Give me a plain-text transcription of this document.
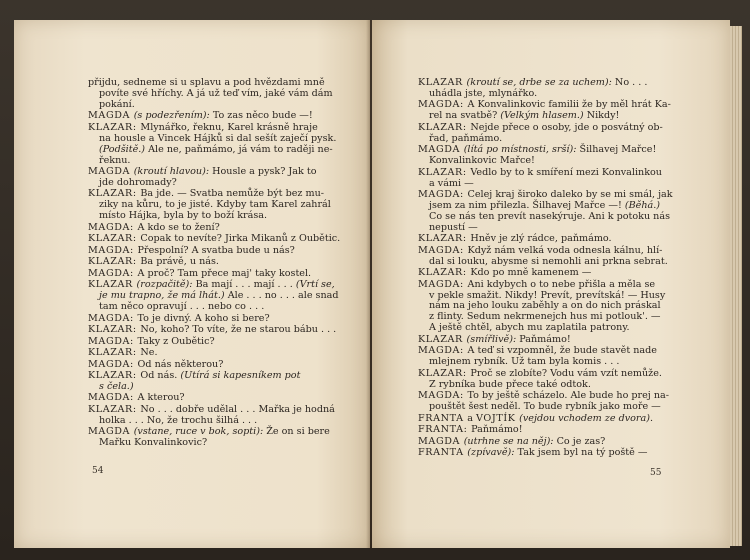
přijdu, sedneme si u splavu a pod hvězdami mně
povíte své hříchy. A já už teď vím, jaké vám dám
pokání.
MAGDA (s podezřením): To zas něco bude —!
KLAZAR: Mlynářko, řeknu, Karel krásně hraje
na housle a Vincek Hájků si dal sešít zaječí pysk.
(Podšitě.) Ale ne, paňmámo, já vám to raději ne-
řeknu.
MAGDA (kroutí hlavou): Housle a pysk? Jak to
jde dohromady?
KLAZAR: Ba jde. — Svatba nemůže být bez mu-
ziky na kůru, to je jisté. Kdyby tam Karel zahrál
místo Hájka, byla by to boží krása.
MAGDA: A kdo se to žení?
KLAZAR: Copak to nevíte? Jirka Mikanů z Oubětic.
MAGDA: Přespolní? A svatba bude u nás?
KLAZAR: Ba právě, u nás.
MAGDA: A proč? Tam přece maj' taky kostel.
KLAZAR (rozpačitě): Ba mají . . . mají . . . (Vrtí se,
je mu trapno, že má lhát.) Ale . . . no . . . ale snad
tam něco opravují . . . nebo co . . .
MAGDA: To je divný. A koho si bere?
KLAZAR: No, koho? To víte, že ne starou bábu . . .
MAGDA: Taky z Oubětic?
KLAZAR: Ne.
MAGDA: Od nás některou?
KLAZAR: Od nás. (Utírá si kapesníkem pot
s čela.)
MAGDA: A kterou?
KLAZAR: No . . . dobře udělal . . . Mařka je hodná
holka . . . No, že trochu šilhá . . .
MAGDA (vstane, ruce v bok, sopti): Že on si bere
Mařku Konvalinkovic?
54
KLAZAR (kroutí se, drbe se za uchem): No . . .
uhádla jste, mlynářko.
MAGDA: A Konvalinkovic familii že by měl hrát Ka-
rel na svatbě? (Velkým hlasem.) Nikdy!
KLAZAR: Nejde přece o osoby, jde o posvátný ob-
řad, paňmámo.
MAGDA (lítá po místnosti, srší): Šilhavej Mařce!
Konvalinkovic Mařce!
KLAZAR: Vedlo by to k smíření mezi Konvalinkou
a vámi —
MAGDA: Celej kraj široko daleko by se mi smál, jak
jsem za nim přilezla. Šilhavej Mařce —! (Běhá.)
Co se nás ten prevít nasekýruje. Ani k potoku nás
nepustí —
KLAZAR: Hněv je zlý rádce, paňmámo.
MAGDA: Když nám velká voda odnesla kálnu, hlí-
dal si louku, abysme si nemohli ani prkna sebrat.
KLAZAR: Kdo po mně kamenem —
MAGDA: Ani kdybych o to nebe přišla a měla se
v pekle smažit. Nikdy! Prevít, prevítská! — Husy
nám na jeho louku zaběhly a on do nich práskal
z flinty. Sedum nekrmenejch hus mi potlouk'. —
A ještě chtěl, abych mu zaplatila patrony.
KLAZAR (smířlivě): Paňmámo!
MAGDA: A teď si vzpomněl, že bude stavět nade
mlejnem rybník. Už tam byla komis . . .
KLAZAR: Proč se zlobíte? Vodu vám vzít nemůže.
Z rybníka bude přece také odtok.
MAGDA: To by ještě scházelo. Ale bude ho prej na-
pouštět šest neděl. To bude rybník jako moře —
FRANTA a VOJTÍK (vejdou vchodem ze dvora).
FRANTA: Paňmámo!
MAGDA (utrhne se na něj): Co je zas?
FRANTA (zpívavě): Tak jsem byl na tý poště —
55
